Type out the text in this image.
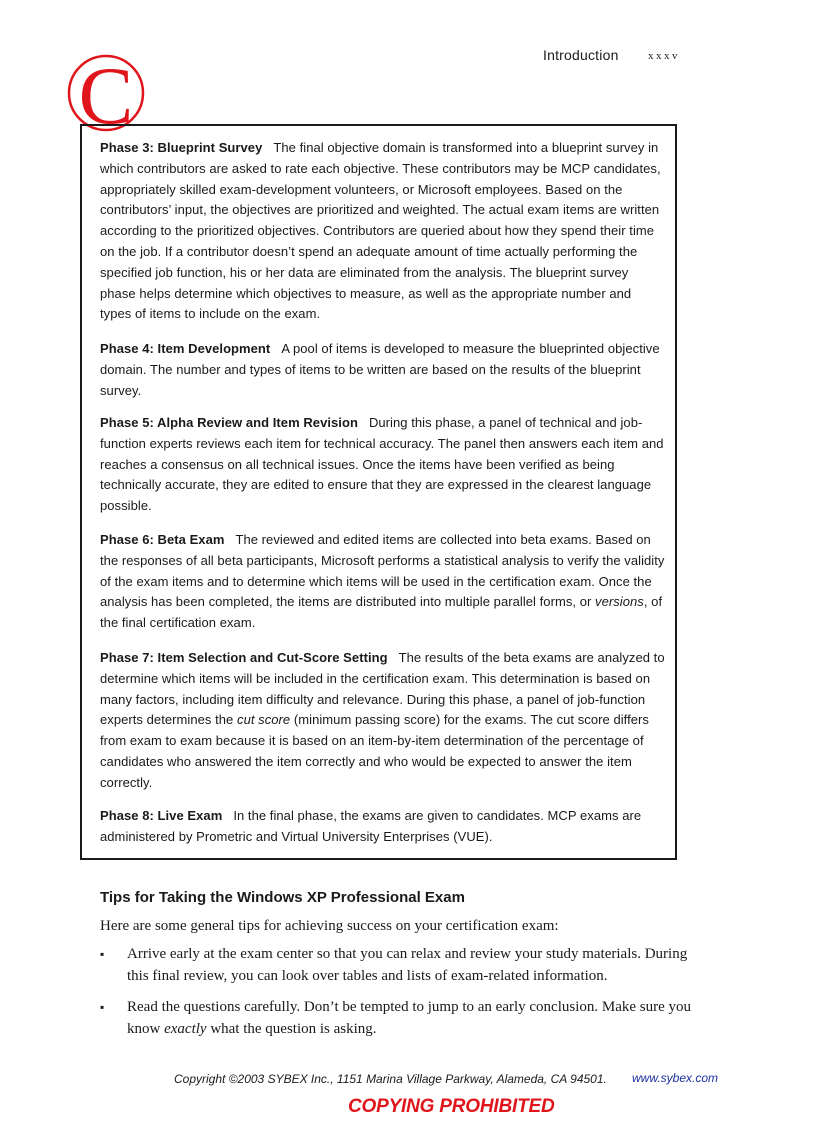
Introduction	xxxv
C

Phase 3: Blueprint Survey The final objective domain is transformed into a blueprint survey in which contributors are asked to rate each objective. These contributors may be MCP candidates, appropriately skilled exam-development volunteers, or Microsoft employees. Based on the contributors’ input, the objectives are prioritized and weighted. The actual exam items are written according to the prioritized objectives. Contributors are queried about how they spend their time on the job. If a contributor doesn’t spend an adequate amount of time actually performing the specified job function, his or her data are eliminated from the analysis. The blueprint survey phase helps determine which objectives to measure, as well as the appropriate number and types of items to include on the exam.

Phase 4: Item Development A pool of items is developed to measure the blueprinted objective domain. The number and types of items to be written are based on the results of the blueprint survey.

Phase 5: Alpha Review and Item Revision During this phase, a panel of technical and job-function experts reviews each item for technical accuracy. The panel then answers each item and reaches a consensus on all technical issues. Once the items have been verified as being technically accurate, they are edited to ensure that they are expressed in the clearest language possible.

Phase 6: Beta Exam The reviewed and edited items are collected into beta exams. Based on the responses of all beta participants, Microsoft performs a statistical analysis to verify the validity of the exam items and to determine which items will be used in the certification exam. Once the analysis has been completed, the items are distributed into multiple parallel forms, or versions, of the final certification exam.

Phase 7: Item Selection and Cut-Score Setting The results of the beta exams are analyzed to determine which items will be included in the certification exam. This determination is based on many factors, including item difficulty and relevance. During this phase, a panel of job-function experts determines the cut score (minimum passing score) for the exams. The cut score differs from exam to exam because it is based on an item-by-item determination of the percentage of candidates who answered the item correctly and who would be expected to answer the item correctly.

Phase 8: Live Exam In the final phase, the exams are given to candidates. MCP exams are administered by Prometric and Virtual University Enterprises (VUE).

Tips for Taking the Windows XP Professional Exam

Here are some general tips for achieving success on your certification exam:

▪ Arrive early at the exam center so that you can relax and review your study materials. During this final review, you can look over tables and lists of exam-related information.
▪ Read the questions carefully. Don’t be tempted to jump to an early conclusion. Make sure you know exactly what the question is asking.
Copyright ©2003 SYBEX Inc., 1151 Marina Village Parkway, Alameda, CA 94501. www.sybex.com
COPYING PROHIBITED
